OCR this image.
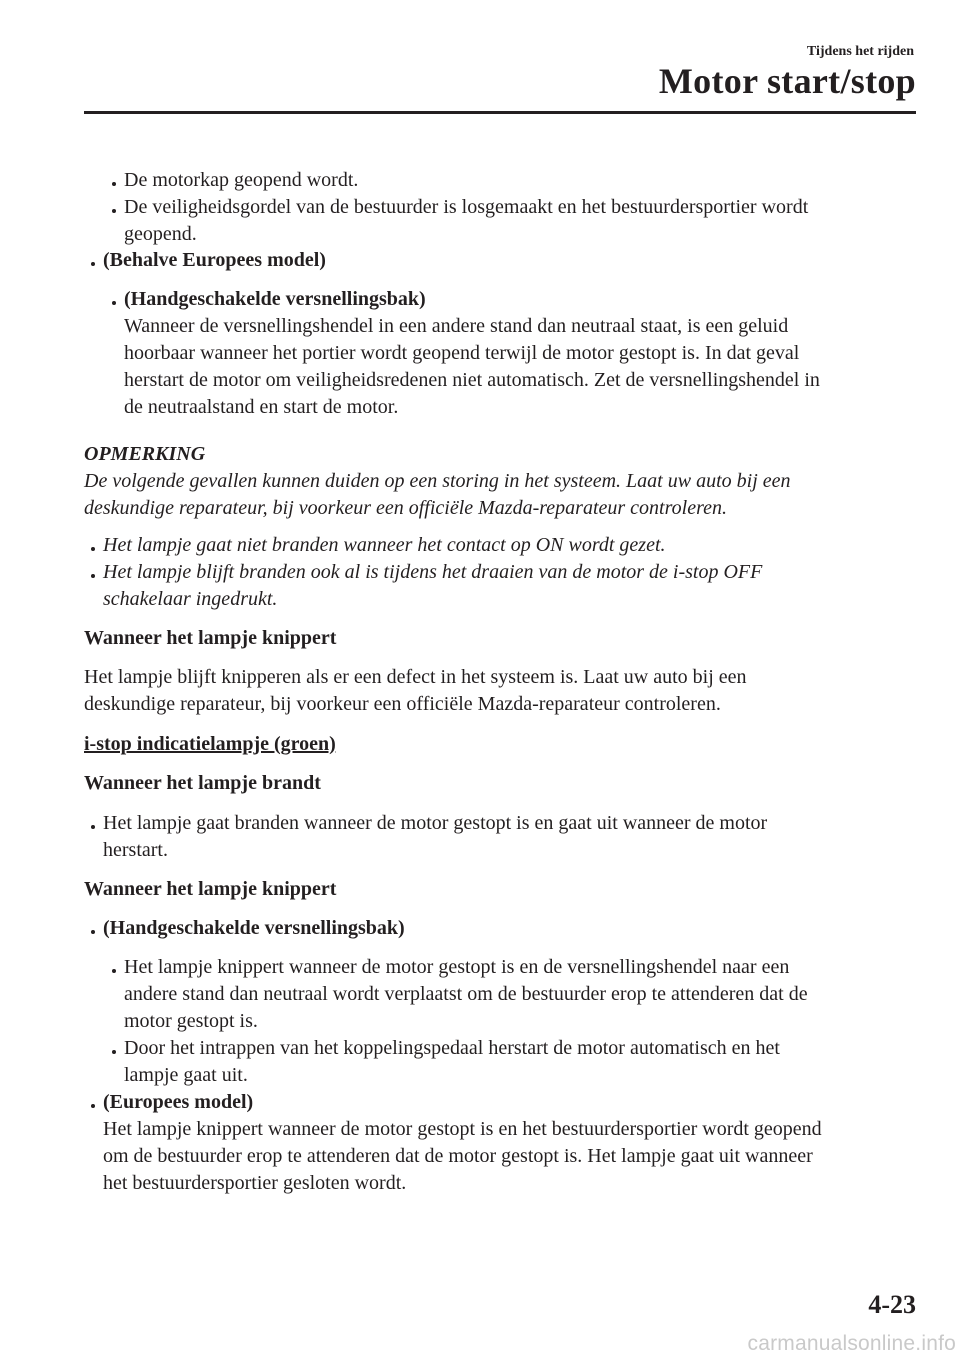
Tijdens het rijden
Motor start/stop
De motorkap geopend wordt.
De veiligheidsgordel van de bestuurder is losgemaakt en het bestuurdersportier wordt
geopend.
(Behalve Europees model)
(Handgeschakelde versnellingsbak)
Wanneer de versnellingshendel in een andere stand dan neutraal staat, is een geluid
hoorbaar wanneer het portier wordt geopend terwijl de motor gestopt is. In dat geval
herstart de motor om veiligheidsredenen niet automatisch. Zet de versnellingshendel in
de neutraalstand en start de motor.
OPMERKING
De volgende gevallen kunnen duiden op een storing in het systeem. Laat uw auto bij een
deskundige reparateur, bij voorkeur een officiële Mazda-reparateur controleren.
Het lampje gaat niet branden wanneer het contact op ON wordt gezet.
Het lampje blijft branden ook al is tijdens het draaien van de motor de i-stop OFF
schakelaar ingedrukt.
Wanneer het lampje knippert
Het lampje blijft knipperen als er een defect in het systeem is. Laat uw auto bij een
deskundige reparateur, bij voorkeur een officiële Mazda-reparateur controleren.
i-stop indicatielampje (groen)
Wanneer het lampje brandt
Het lampje gaat branden wanneer de motor gestopt is en gaat uit wanneer de motor
herstart.
Wanneer het lampje knippert
(Handgeschakelde versnellingsbak)
Het lampje knippert wanneer de motor gestopt is en de versnellingshendel naar een
andere stand dan neutraal wordt verplaatst om de bestuurder erop te attenderen dat de
motor gestopt is.
Door het intrappen van het koppelingspedaal herstart de motor automatisch en het
lampje gaat uit.
(Europees model)
Het lampje knippert wanneer de motor gestopt is en het bestuurdersportier wordt geopend
om de bestuurder erop te attenderen dat de motor gestopt is. Het lampje gaat uit wanneer
het bestuurdersportier gesloten wordt.
4-23
carmanualsonline.info
